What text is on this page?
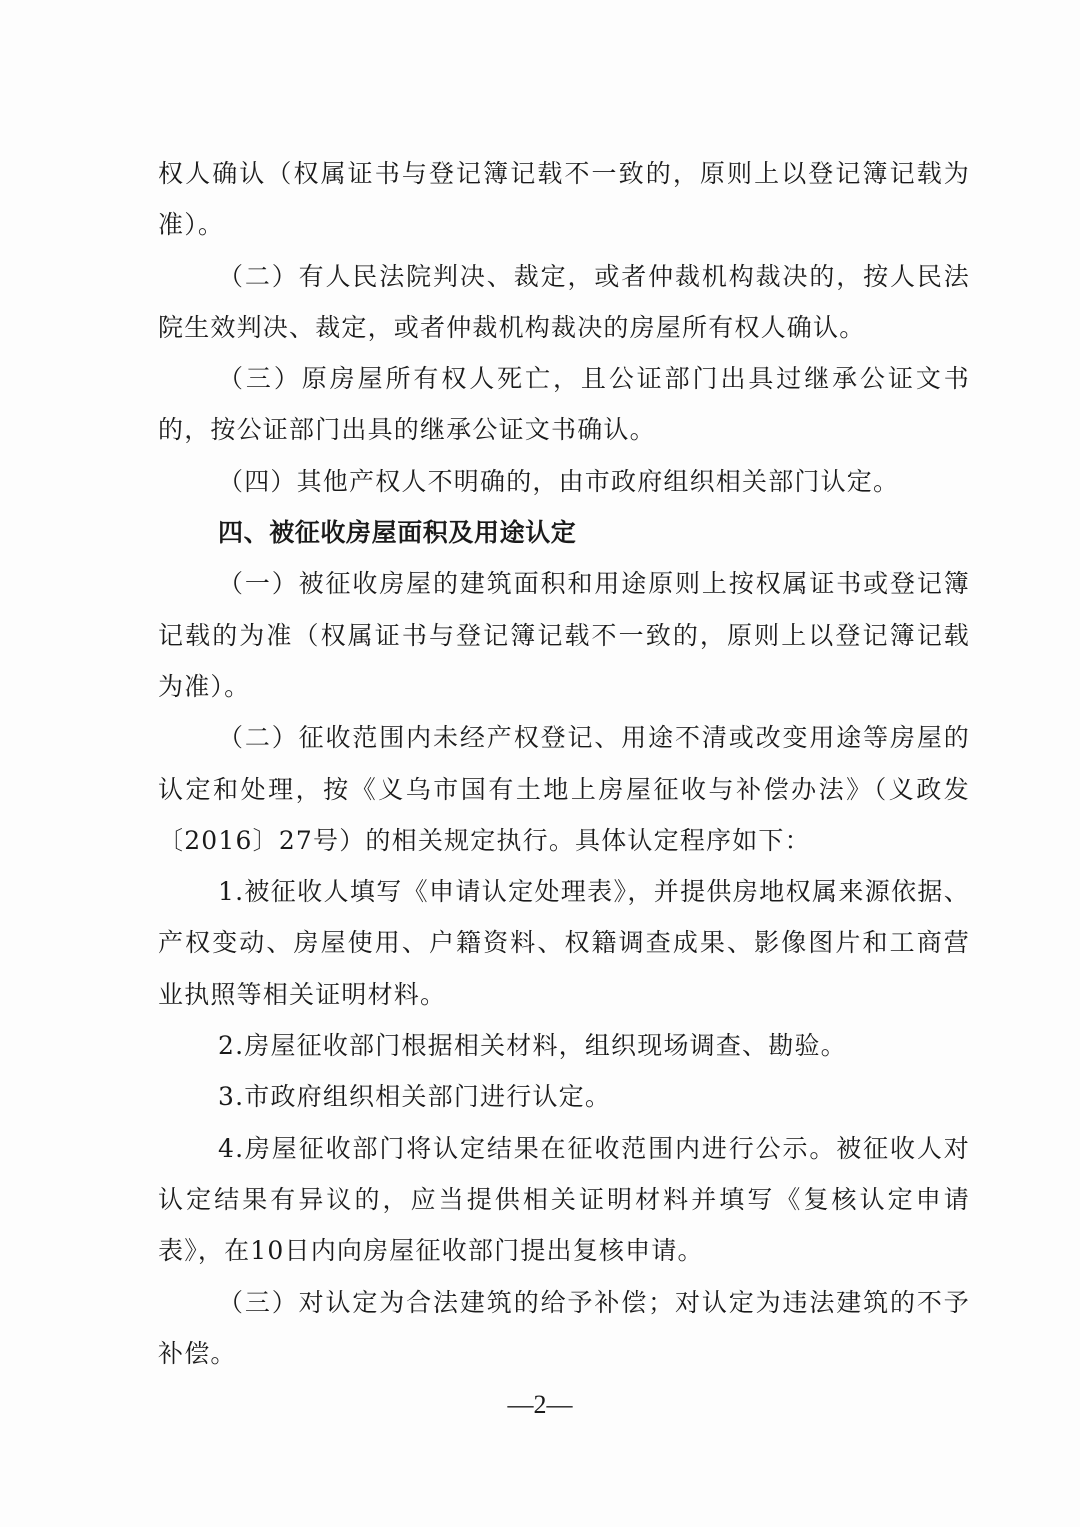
权人确认（权属证书与登记簿记载不一致的，原则上以登记簿记载为准）。

（二）有人民法院判决、裁定，或者仲裁机构裁决的，按人民法院生效判决、裁定，或者仲裁机构裁决的房屋所有权人确认。

（三）原房屋所有权人死亡，且公证部门出具过继承公证文书的，按公证部门出具的继承公证文书确认。

（四）其他产权人不明确的，由市政府组织相关部门认定。

四、被征收房屋面积及用途认定

（一）被征收房屋的建筑面积和用途原则上按权属证书或登记簿记载的为准（权属证书与登记簿记载不一致的，原则上以登记簿记载为准）。

（二）征收范围内未经产权登记、用途不清或改变用途等房屋的认定和处理，按《义乌市国有土地上房屋征收与补偿办法》（义政发〔2016〕27号）的相关规定执行。具体认定程序如下：

1.被征收人填写《申请认定处理表》，并提供房地权属来源依据、产权变动、房屋使用、户籍资料、权籍调查成果、影像图片和工商营业执照等相关证明材料。

2.房屋征收部门根据相关材料，组织现场调查、勘验。

3.市政府组织相关部门进行认定。

4.房屋征收部门将认定结果在征收范围内进行公示。被征收人对认定结果有异议的，应当提供相关证明材料并填写《复核认定申请表》，在10日内向房屋征收部门提出复核申请。

（三）对认定为合法建筑的给予补偿；对认定为违法建筑的不予补偿。

—2—
